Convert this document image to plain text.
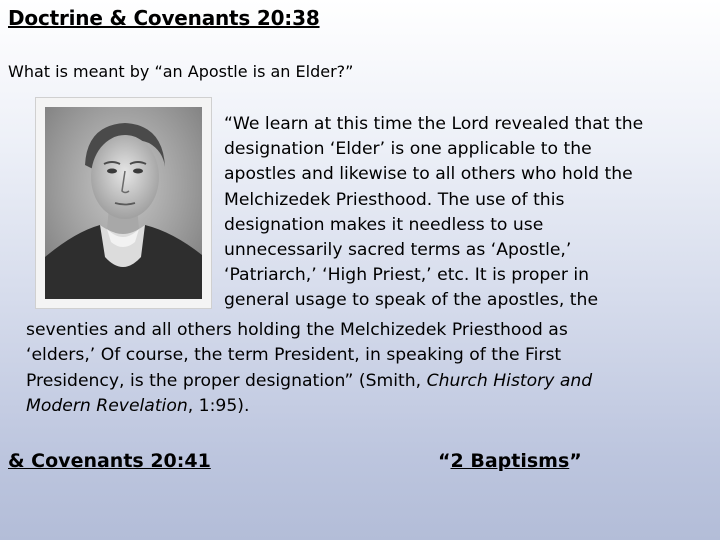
Doctrine & Covenants 20:38
What is meant by “an Apostle is an Elder?”
“We learn at this time the Lord revealed that the
designation ‘Elder’ is one applicable to the
apostles and likewise to all others who hold the
Melchizedek Priesthood. The use of this
designation makes it needless to use
unnecessarily sacred terms as ‘Apostle,’
‘Patriarch,’ ‘High Priest,’ etc. It is proper in
general usage to speak of the apostles, the
seventies and all others holding the Melchizedek Priesthood as
‘elders,’ Of course, the term President, in speaking of the First
Presidency, is the proper designation” (Smith, Church History and
Modern Revelation, 1:95).
& Covenants 20:41	“2 Baptisms”
